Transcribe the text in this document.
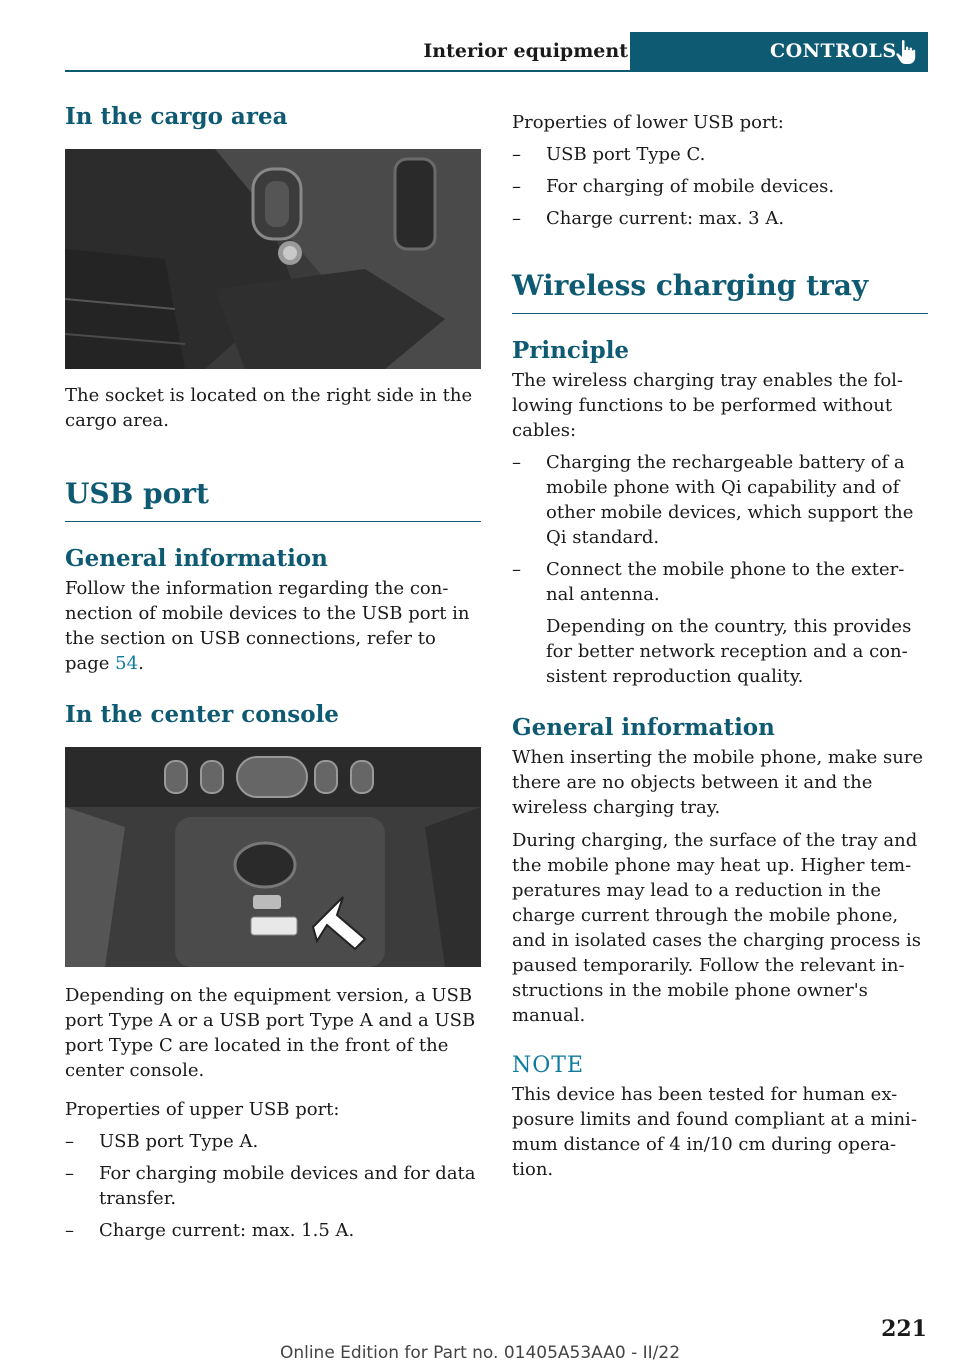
Interior equipment	CONTROLS
In the cargo area

The socket is located on the right side in the cargo area.

USB port
General information

Follow the information regarding the con-nection of mobile devices to the USB port in the section on USB connections, refer to page 54.

In the center console

Depending on the equipment version, a USB port Type A or a USB port Type A and a USB port Type C are located in the front of the center console.

Properties of upper USB port:

– USB port Type A.
– For charging mobile devices and for data transfer.
– Charge current: max. 1.5 A.

Properties of lower USB port:

– USB port Type C.
– For charging of mobile devices.
– Charge current: max. 3 A.
Wireless charging tray
Principle

The wireless charging tray enables the fol-lowing functions to be performed without cables:

– Charging the rechargeable battery of a mobile phone with Qi capability and of other mobile devices, which support the Qi standard.
– Connect the mobile phone to the exter-nal antenna.

Depending on the country, this provides for better network reception and a con-sistent reproduction quality.

General information

When inserting the mobile phone, make sure there are no objects between it and the wireless charging tray.

During charging, the surface of the tray and the mobile phone may heat up. Higher tem-peratures may lead to a reduction in the charge current through the mobile phone, and in isolated cases the charging process is paused temporarily. Follow the relevant in-structions in the mobile phone owner's manual.

NOTE

This device has been tested for human ex-posure limits and found compliant at a mini-mum distance of 4 in/10 cm during opera-tion.

221
Online Edition for Part no. 01405A53AA0 - II/22
